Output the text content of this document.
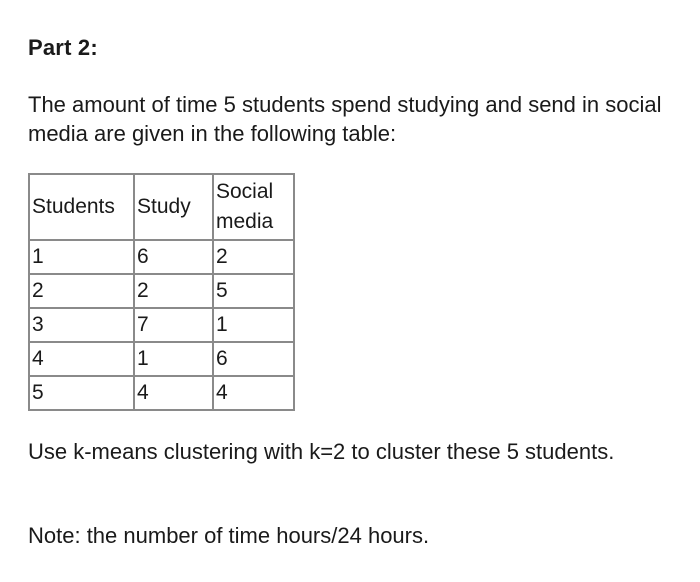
Part 2:
The amount of time 5 students spend studying and send in social media are given in the following table:
Students	Study	Social media
1	6	2
2	2	5
3	7	1
4	1	6
5	4	4
Use k-means clustering with k=2 to cluster these 5 students.
Note: the number of time hours/24 hours.
